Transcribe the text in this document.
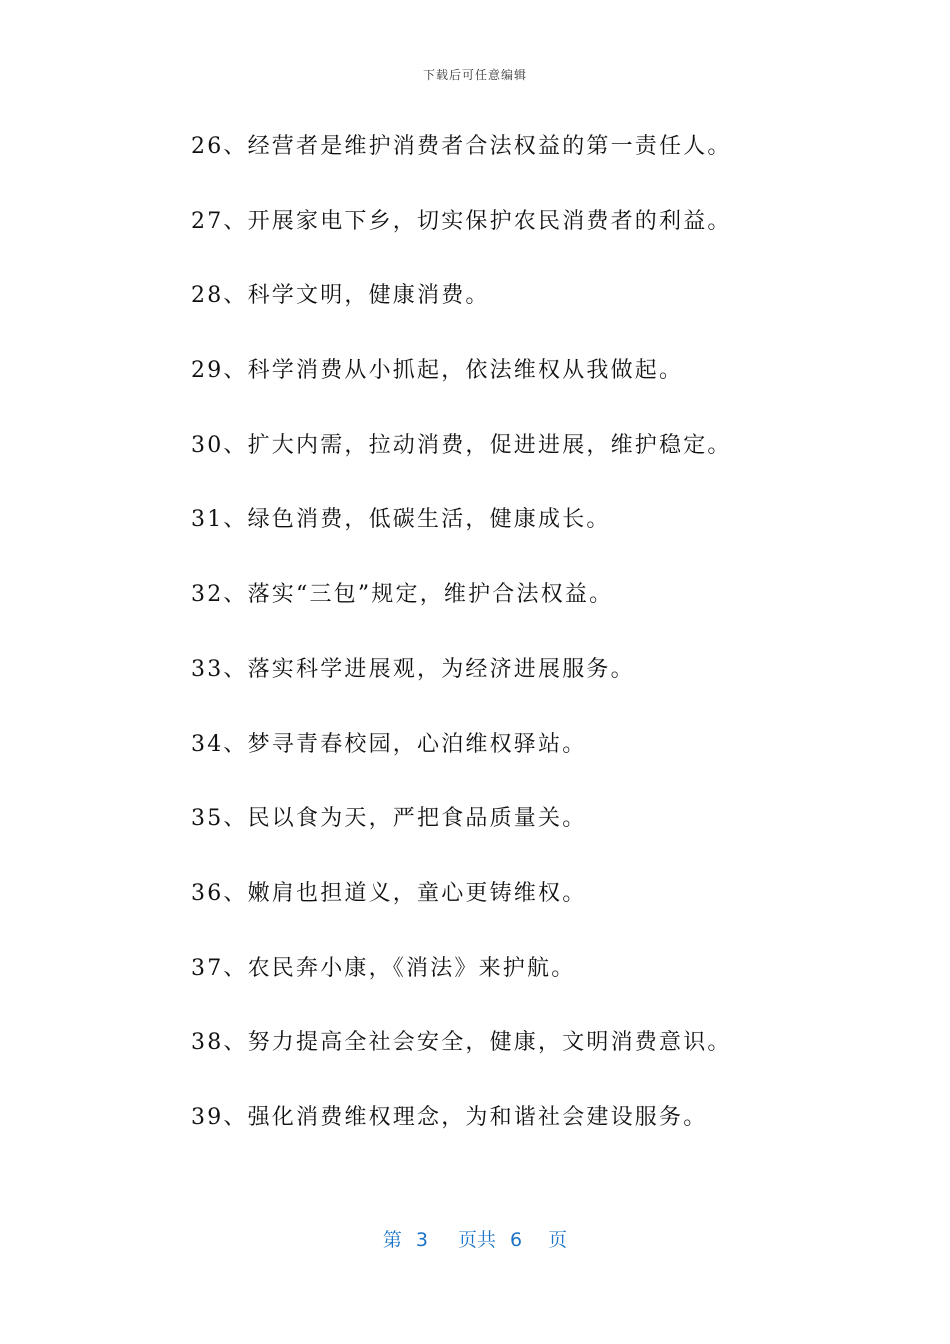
下载后可任意编辑
26、经营者是维护消费者合法权益的第一责任人。
27、开展家电下乡，切实保护农民消费者的利益。
28、科学文明，健康消费。
29、科学消费从小抓起，依法维权从我做起。
30、扩大内需，拉动消费，促进进展，维护稳定。
31、绿色消费，低碳生活，健康成长。
32、落实“三包”规定，维护合法权益。
33、落实科学进展观，为经济进展服务。
34、梦寻青春校园，心泊维权驿站。
35、民以食为天，严把食品质量关。
36、嫩肩也担道义，童心更铸维权。
37、农民奔小康，《消法》来护航。
38、努力提高全社会安全，健康，文明消费意识。
39、强化消费维权理念，为和谐社会建设服务。
第 3 页共 6 页
